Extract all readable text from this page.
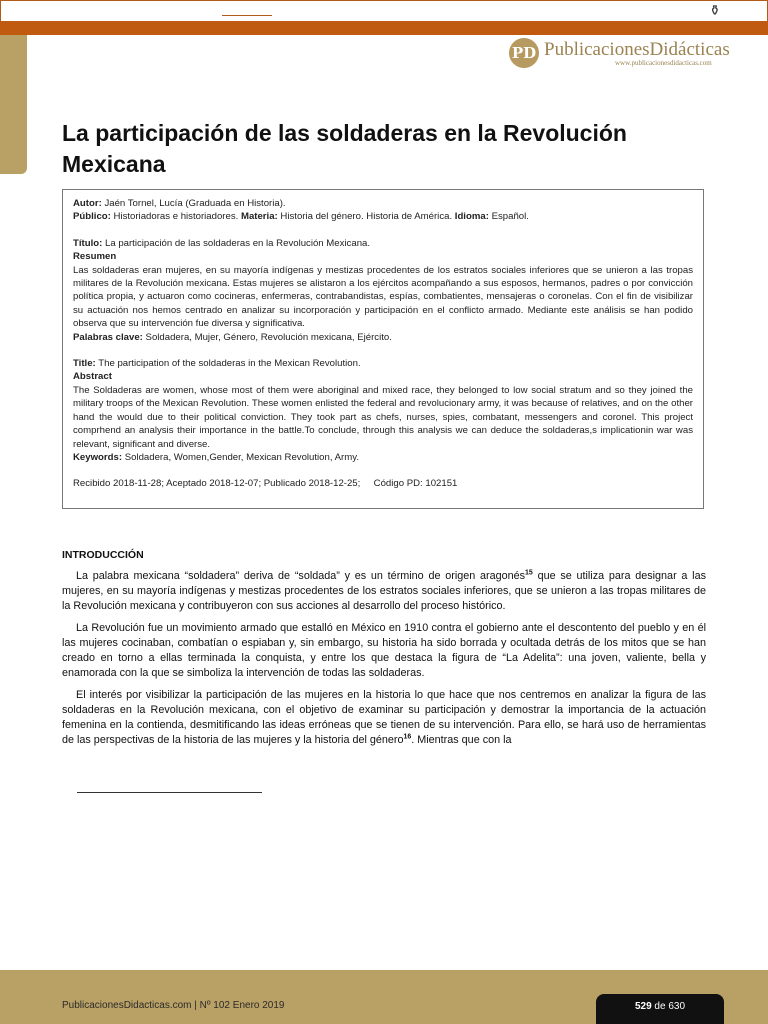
⚱
PD PublicacionesDidácticas
www.publicacionesdidacticas.com
La participación de las soldaderas en la Revolución Mexicana

Autor: Jaén Tornel, Lucía (Graduada en Historia).

Público: Historiadoras e historiadores. Materia: Historia del género. Historia de América. Idioma: Español.

Título: La participación de las soldaderas en la Revolución Mexicana.

Resumen

Las soldaderas eran mujeres, en su mayoría indígenas y mestizas procedentes de los estratos sociales inferiores que se unieron a las tropas militares de la Revolución mexicana. Estas mujeres se alistaron a los ejércitos acompañando a sus esposos, hermanos, padres o por convicción política propia, y actuaron como cocineras, enfermeras, contrabandistas, espías, combatientes, mensajeras o coronelas. Con el fin de visibilizar su actuación nos hemos centrado en analizar su incorporación y participación en el conflicto armado. Mediante este análisis se han podido observa que su intervención fue diversa y significativa.

Palabras clave: Soldadera, Mujer, Género, Revolución mexicana, Ejército.

Title: The participation of the soldaderas in the Mexican Revolution.

Abstract

The Soldaderas are women, whose most of them were aboriginal and mixed race, they belonged to low social stratum and so they joined the military troops of the Mexican Revolution. These women enlisted the federal and revolucionary army, it was because of relatives, and on the other hand the would due to their political conviction. They took part as chefs, nurses, spies, combatant, messengers and coronel. This project comprhend an analysis their importance in the battle.To conclude, through this analysis we can deduce the soldaderas,s implicationin war was relevant, significant and diverse.

Keywords: Soldadera, Women,Gender, Mexican Revolution, Army.

Recibido 2018-11-28; Aceptado 2018-12-07; Publicado 2018-12-25; Código PD: 102151

INTRODUCCIÓN

La palabra mexicana “soldadera” deriva de “soldada” y es un término de origen aragonés$^{15}$ que se utiliza para designar a las mujeres, en su mayoría indígenas y mestizas procedentes de los estratos sociales inferiores, que se unieron a las tropas militares de la Revolución mexicana y contribuyeron con sus acciones al desarrollo del proceso histórico.

La Revolución fue un movimiento armado que estalló en México en 1910 contra el gobierno ante el descontento del pueblo y en él las mujeres cocinaban, combatían o espiaban y, sin embargo, su historia ha sido borrada y ocultada detrás de los mitos que se han creado en torno a ellas terminada la conquista, y entre los que destaca la figura de “La Adelita”: una joven, valiente, bella y enamorada con la que se simboliza la intervención de todas las soldaderas.

El interés por visibilizar la participación de las mujeres en la historia lo que hace que nos centremos en analizar la figura de las soldaderas en la Revolución mexicana, con el objetivo de examinar su participación y demostrar la importancia de la actuación femenina en la contienda, desmitificando las ideas erróneas que se tienen de su intervención. Para ello, se hará uso de herramientas de las perspectivas de la historia de las mujeres y la historia del género$^{16}$. Mientras que con la

PublicacionesDidacticas.com | Nº 102 Enero 2019	529 de 630
